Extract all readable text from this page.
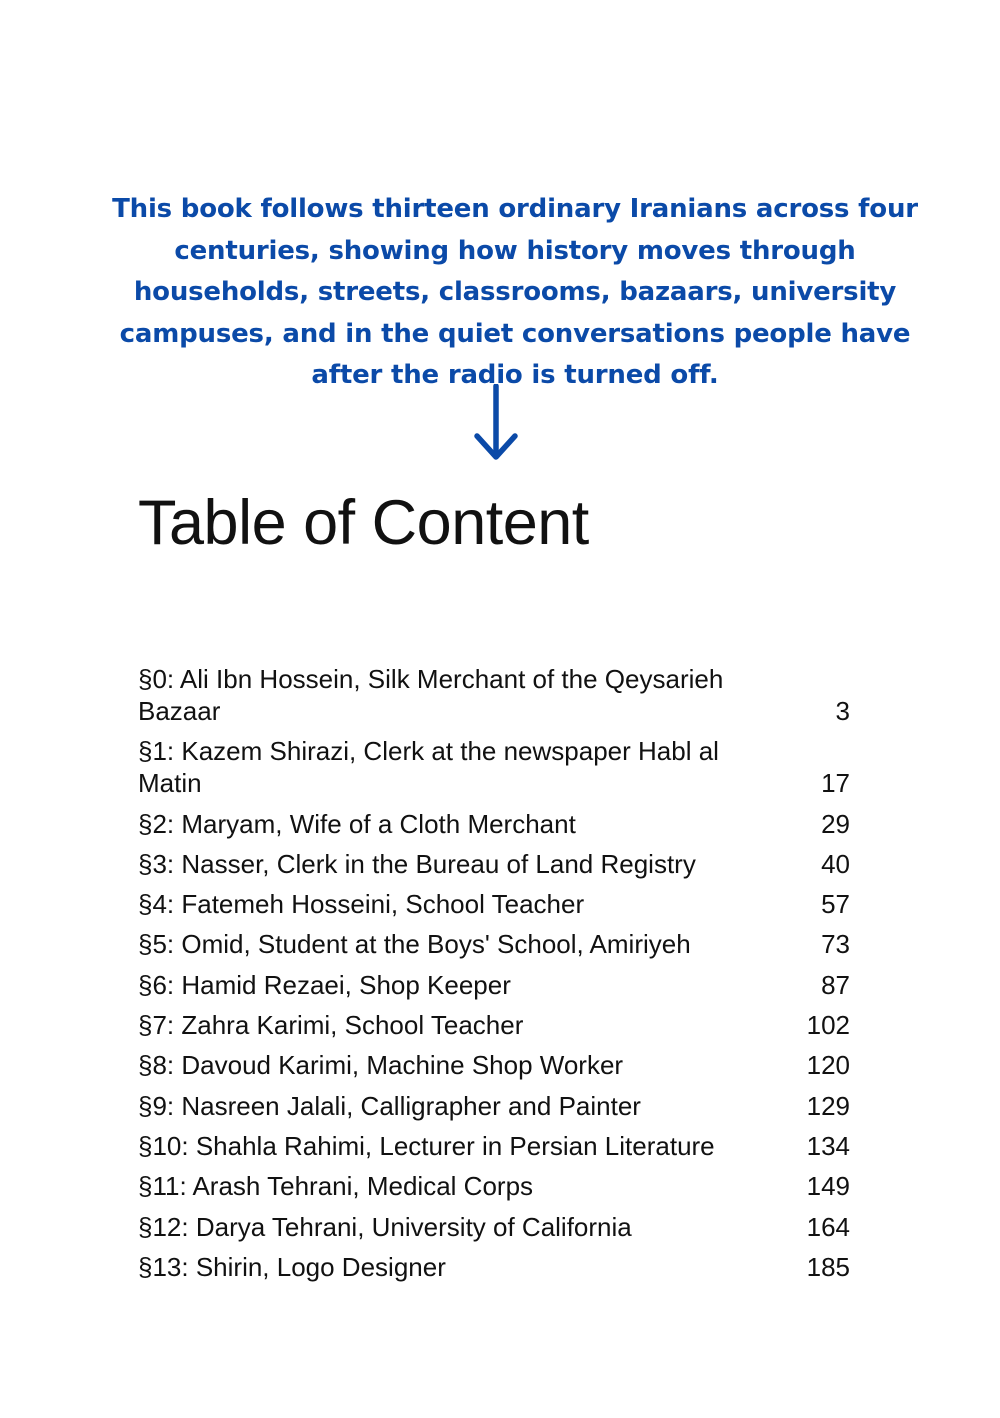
This book follows thirteen ordinary Iranians across four centuries, showing how history moves through households, streets, classrooms, bazaars, university campuses, and in the quiet conversations people have after the radio is turned off.

Table of Content
§0: Ali Ibn Hossein, Silk Merchant of the Qeysarieh Bazaar	3
§1: Kazem Shirazi, Clerk at the newspaper Habl al Matin	17
§2: Maryam, Wife of a Cloth Merchant	29
§3: Nasser, Clerk in the Bureau of Land Registry	40
§4: Fatemeh Hosseini, School Teacher	57
§5: Omid, Student at the Boys' School, Amiriyeh	73
§6: Hamid Rezaei, Shop Keeper	87
§7: Zahra Karimi, School Teacher	102
§8: Davoud Karimi, Machine Shop Worker	120
§9: Nasreen Jalali, Calligrapher and Painter	129
§10: Shahla Rahimi, Lecturer in Persian Literature	134
§11: Arash Tehrani, Medical Corps	149
§12: Darya Tehrani, University of California	164
§13: Shirin, Logo Designer	185
